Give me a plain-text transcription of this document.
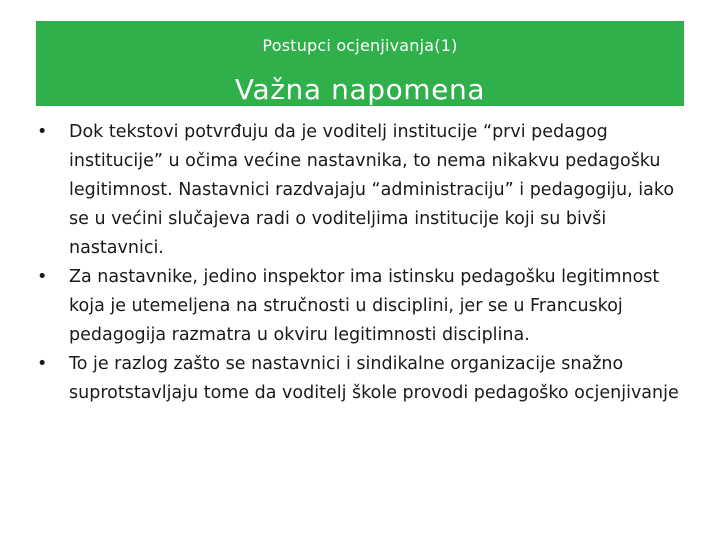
Postupci ocjenjivanja(1)
Važna napomena
• Dok tekstovi potvrđuju da je voditelj institucije “prvi pedagog institucije” u očima većine nastavnika, to nema nikakvu pedagošku legitimnost. Nastavnici razdvajaju “administraciju” i pedagogiju, iako se u većini slučajeva radi o voditeljima institucije koji su bivši nastavnici.
• Za nastavnike, jedino inspektor ima istinsku pedagošku legitimnost koja je utemeljena na stručnosti u disciplini, jer se u Francuskoj pedagogija razmatra u okviru legitimnosti disciplina.
• To je razlog zašto se nastavnici i sindikalne organizacije snažno suprotstavljaju tome da voditelj škole provodi pedagoško ocjenjivanje
